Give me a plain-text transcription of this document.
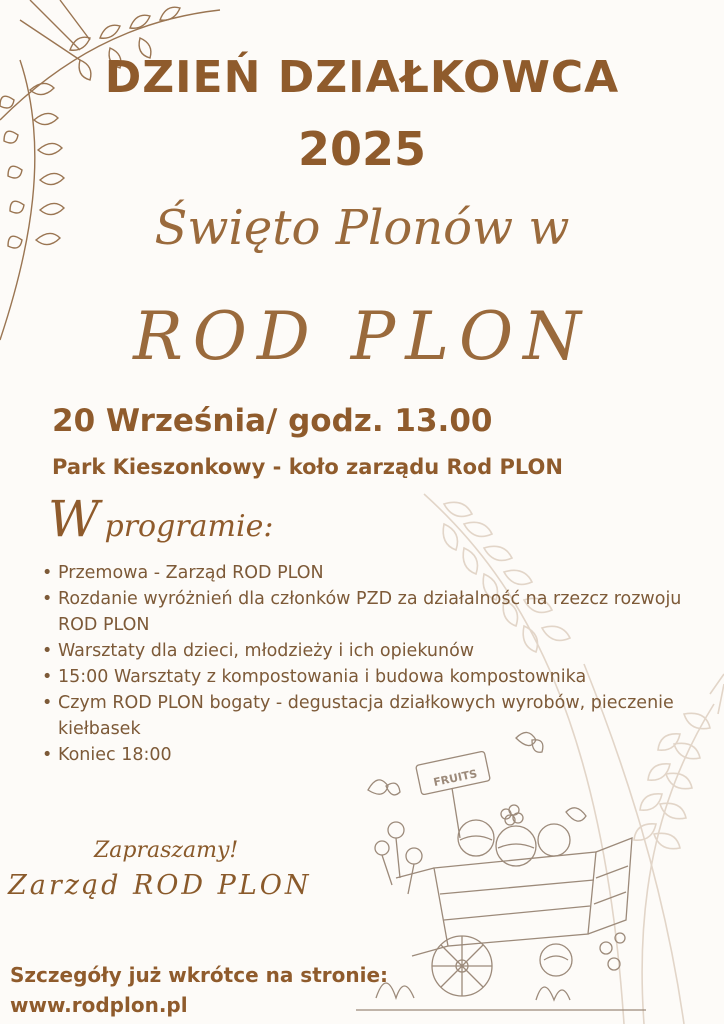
FRUITS
DZIEŃ DZIAŁKOWCA
2025
Święto Plonów w
ROD PLON
20 Września/ godz. 13.00
Park Kieszonkowy - koło zarządu Rod PLON
W programie:
• Przemowa - Zarząd ROD PLON
• Rozdanie wyróżnień dla członków PZD za działalność na rzezcz rozwoju ROD PLON
• Warsztaty dla dzieci, młodzieży i ich opiekunów
• 15:00 Warsztaty z kompostowania i budowa kompostownika
• Czym ROD PLON bogaty - degustacja działkowych wyrobów, pieczenie kiełbasek
• Koniec 18:00
Zapraszamy!
Zarząd ROD PLON
Szczegóły już wkrótce na stronie:
www.rodplon.pl
